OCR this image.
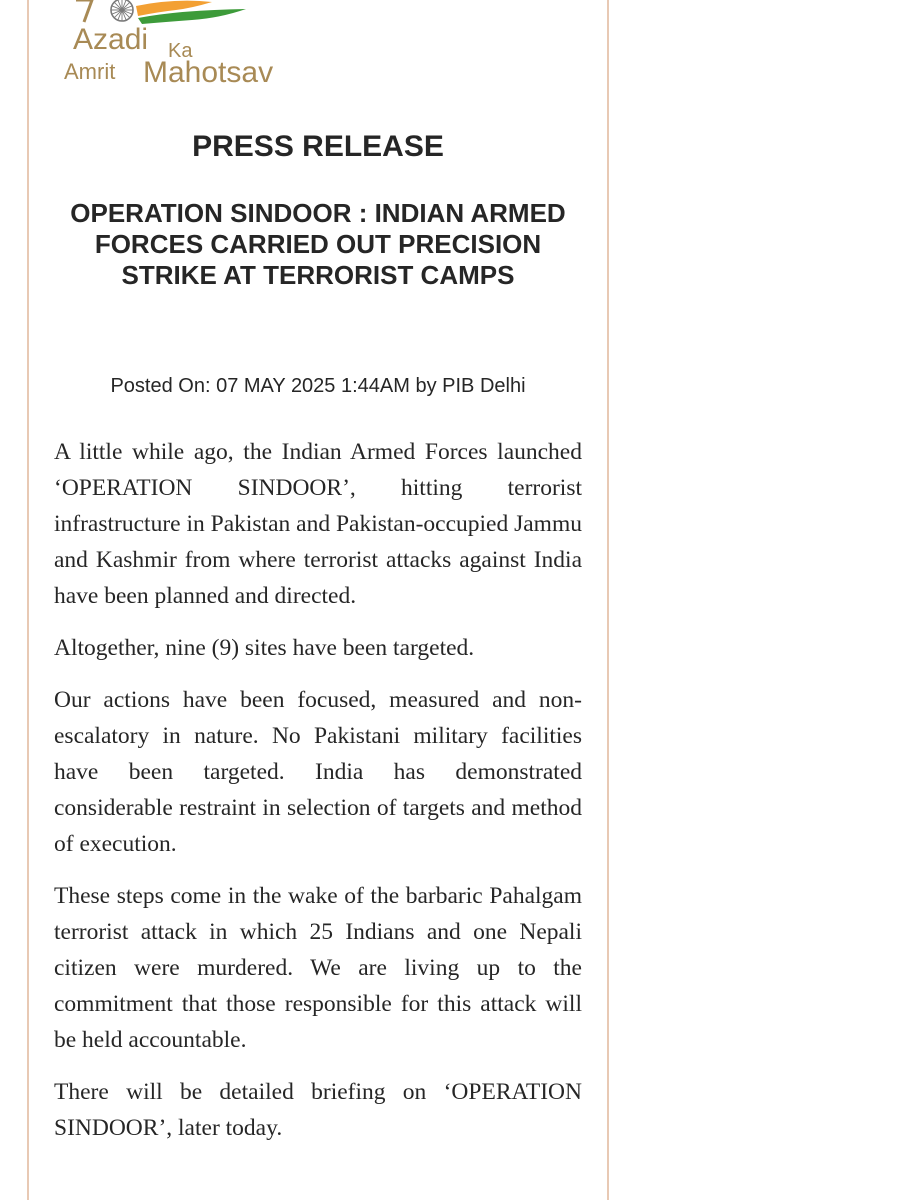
Azadi Ka
Amrit Mahotsav
PRESS RELEASE
OPERATION SINDOOR : INDIAN ARMED FORCES CARRIED OUT PRECISION STRIKE AT TERRORIST CAMPS
Posted On: 07 MAY 2025 1:44AM by PIB Delhi

A little while ago, the Indian Armed Forces launched ‘OPERATION SINDOOR’, hitting terrorist infrastructure in Pakistan and Pakistan-occupied Jammu and Kashmir from where terrorist attacks against India have been planned and directed.

Altogether, nine (9) sites have been targeted.

Our actions have been focused, measured and non-escalatory in nature. No Pakistani military facilities have been targeted. India has demonstrated considerable restraint in selection of targets and method of execution.

These steps come in the wake of the barbaric Pahalgam terrorist attack in which 25 Indians and one Nepali citizen were murdered. We are living up to the commitment that those responsible for this attack will be held accountable.

There will be detailed briefing on ‘OPERATION SINDOOR’, later today.
